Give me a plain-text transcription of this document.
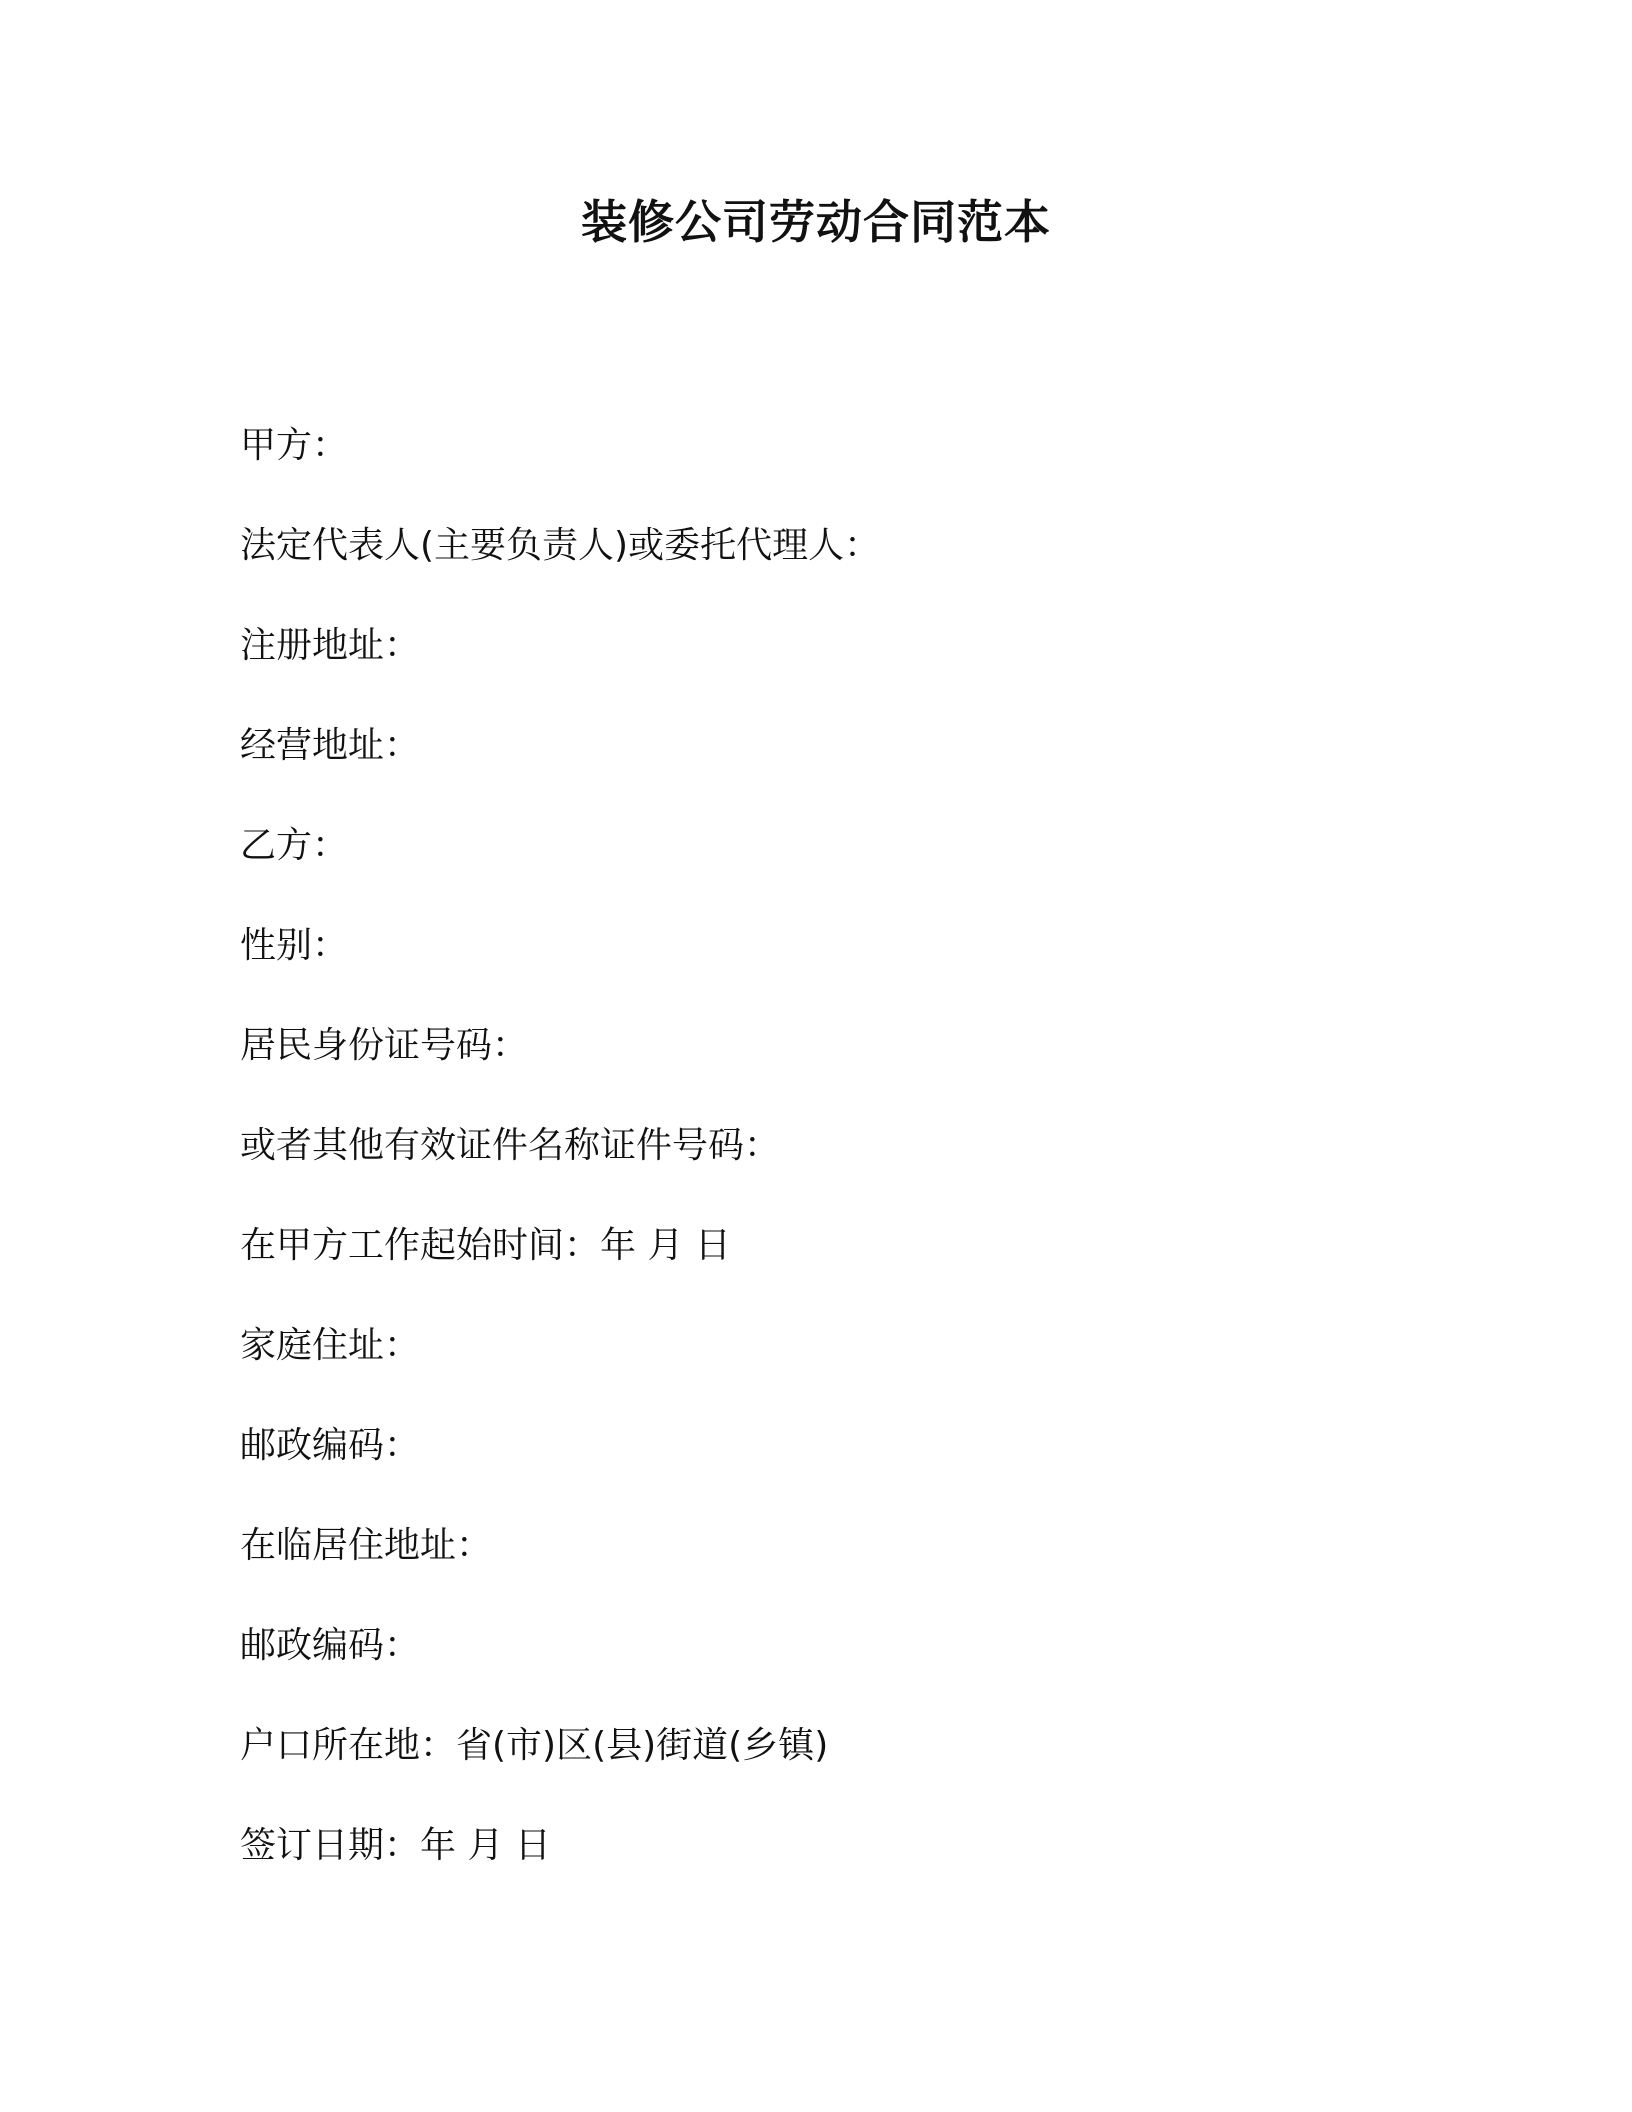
装修公司劳动合同范本
甲方：
法定代表人(主要负责人)或委托代理人：
注册地址：
经营地址：
乙方：
性别：
居民身份证号码：
或者其他有效证件名称证件号码：
在甲方工作起始时间：年 月 日
家庭住址：
邮政编码：
在临居住地址：
邮政编码：
户口所在地：省(市)区(县)街道(乡镇)
签订日期：年 月 日
